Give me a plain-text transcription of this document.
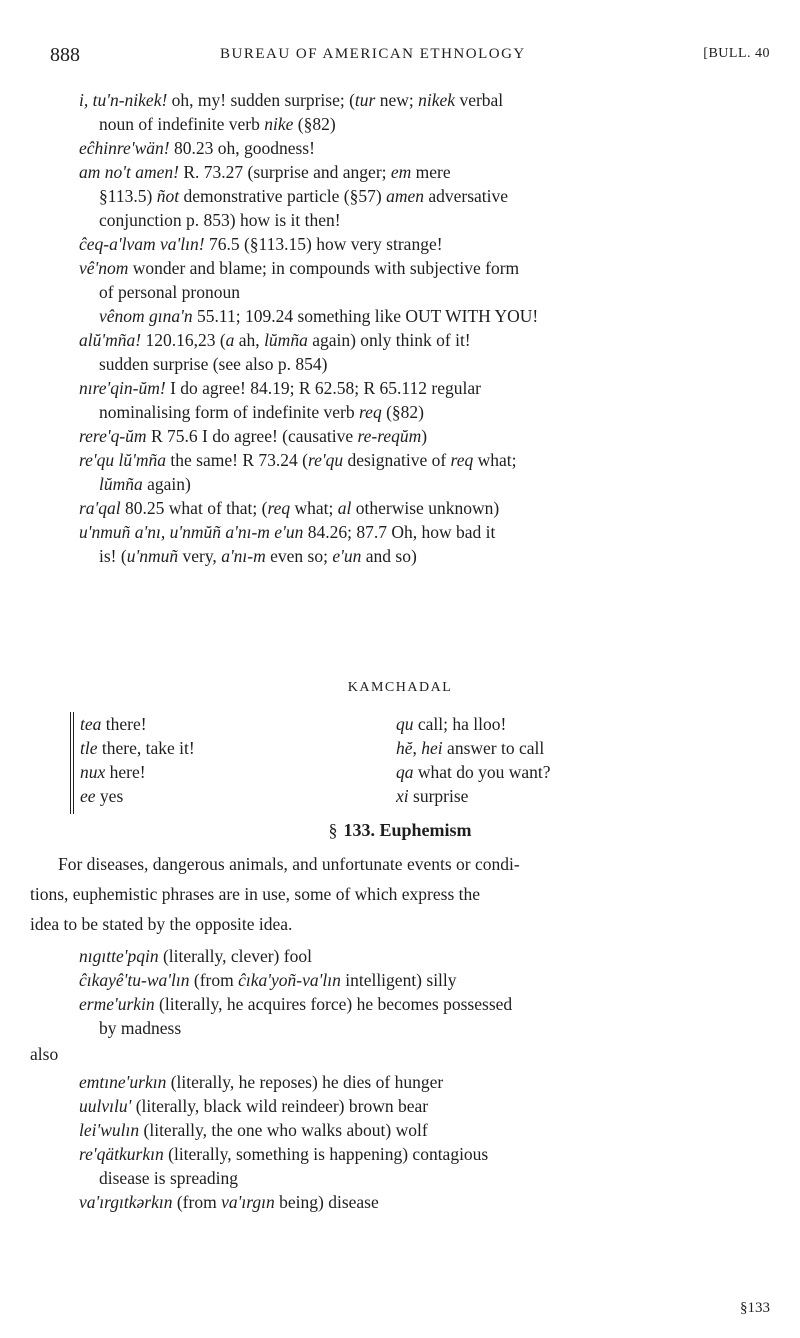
888	BUREAU OF AMERICAN ETHNOLOGY	[BULL. 40
i, tu'n-nikek! oh, my! sudden surprise; (tur new; nikek verbal
noun of indefinite verb nike (§82)
eĉhinre'wän! 80.23 oh, goodness!
am no't amen! R. 73.27 (surprise and anger; em mere
§113.5) ñot demonstrative particle (§57) amen adversative
conjunction p. 853) how is it then!
ĉeq-a'lvam va'lın! 76.5 (§113.15) how very strange!
vê'nom wonder and blame; in compounds with subjective form
of personal pronoun
vênom gına'n 55.11; 109.24 something like OUT WITH YOU!
alŭ'mña! 120.16,23 (a ah, lŭmña again) only think of it!
sudden surprise (see also p. 854)
nıre'qin-ŭm! I do agree! 84.19; R 62.58; R 65.112 regular
nominalising form of indefinite verb req (§82)
rere'q-ŭm R 75.6 I do agree! (causative re-reqŭm)
re'qu lŭ'mña the same! R 73.24 (re'qu designative of req what;
lŭmña again)
ra'qal 80.25 what of that; (req what; al otherwise unknown)
u'nmuñ a'nı, u'nmŭñ a'nı-m e'un 84.26; 87.7 Oh, how bad it
is! (u'nmuñ very, a'nı-m even so; e'un and so)
KAMCHADAL
tea there!
tle there, take it!
nux here!
ee yes
qu call; ha lloo!
hĕ, hei answer to call
qa what do you want?
xi surprise
§ 133. Euphemism
For diseases, dangerous animals, and unfortunate events or condi-
tions, euphemistic phrases are in use, some of which express the
idea to be stated by the opposite idea.
nıgıtte'pqin (literally, clever) fool
ĉıkayê'tu-wa'lın (from ĉıka'yoñ-va'lın intelligent) silly
erme'urkin (literally, he acquires force) he becomes possessed
by madness
also
emtıne'urkın (literally, he reposes) he dies of hunger
uulvılu' (literally, black wild reindeer) brown bear
lei'wulın (literally, the one who walks about) wolf
re'qätkurkın (literally, something is happening) contagious
disease is spreading
va'ırgıtkərkın (from va'ırgın being) disease
§133
